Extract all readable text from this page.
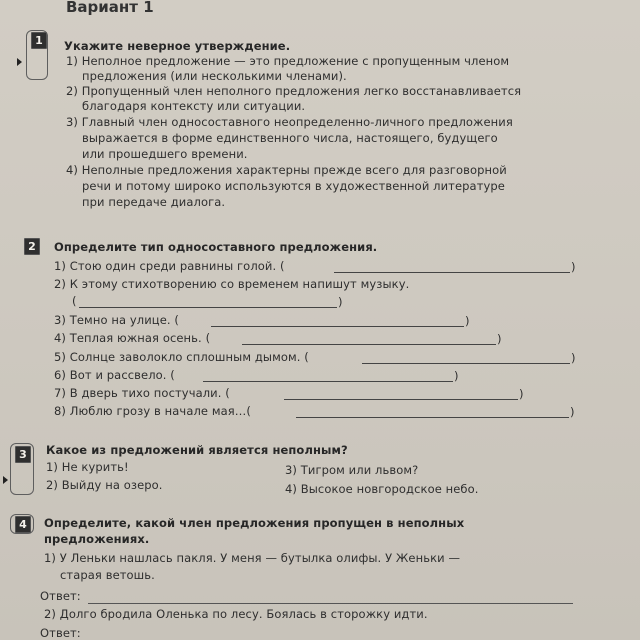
Вариант 1
1	Укажите неверное утверждение.
1) Неполное предложение — это предложение с пропущенным членом
предложения (или несколькими членами).
2) Пропущенный член неполного предложения легко восстанавливается
благодаря контексту или ситуации.
3) Главный член односоставного неопределенно-личного предложения
выражается в форме единственного числа, настоящего, будущего
или прошедшего времени.
4) Неполные предложения характерны прежде всего для разговорной
речи и потому широко используются в художественной литературе
при передаче диалога.
2	Определите тип односоставного предложения.
1) Стою один среди равнины голой. (	)
2) К этому стихотворению со временем напишут музыку.
(	)
3) Темно на улице. (	)
4) Теплая южная осень. (	)
5) Солнце заволокло сплошным дымом. (	)
6) Вот и рассвело. (	)
7) В дверь тихо постучали. (	)
8) Люблю грозу в начале мая…(	)
3	Какое из предложений является неполным?
1) Не курить!
2) Выйду на озеро.
3) Тигром или львом?
4) Высокое новгородское небо.
4	Определите, какой член предложения пропущен в неполных
предложениях.
1) У Леньки нашлась пакля. У меня — бутылка олифы. У Женьки —
старая ветошь.
Ответ:
2) Долго бродила Оленька по лесу. Боялась в сторожку идти.
Ответ:
